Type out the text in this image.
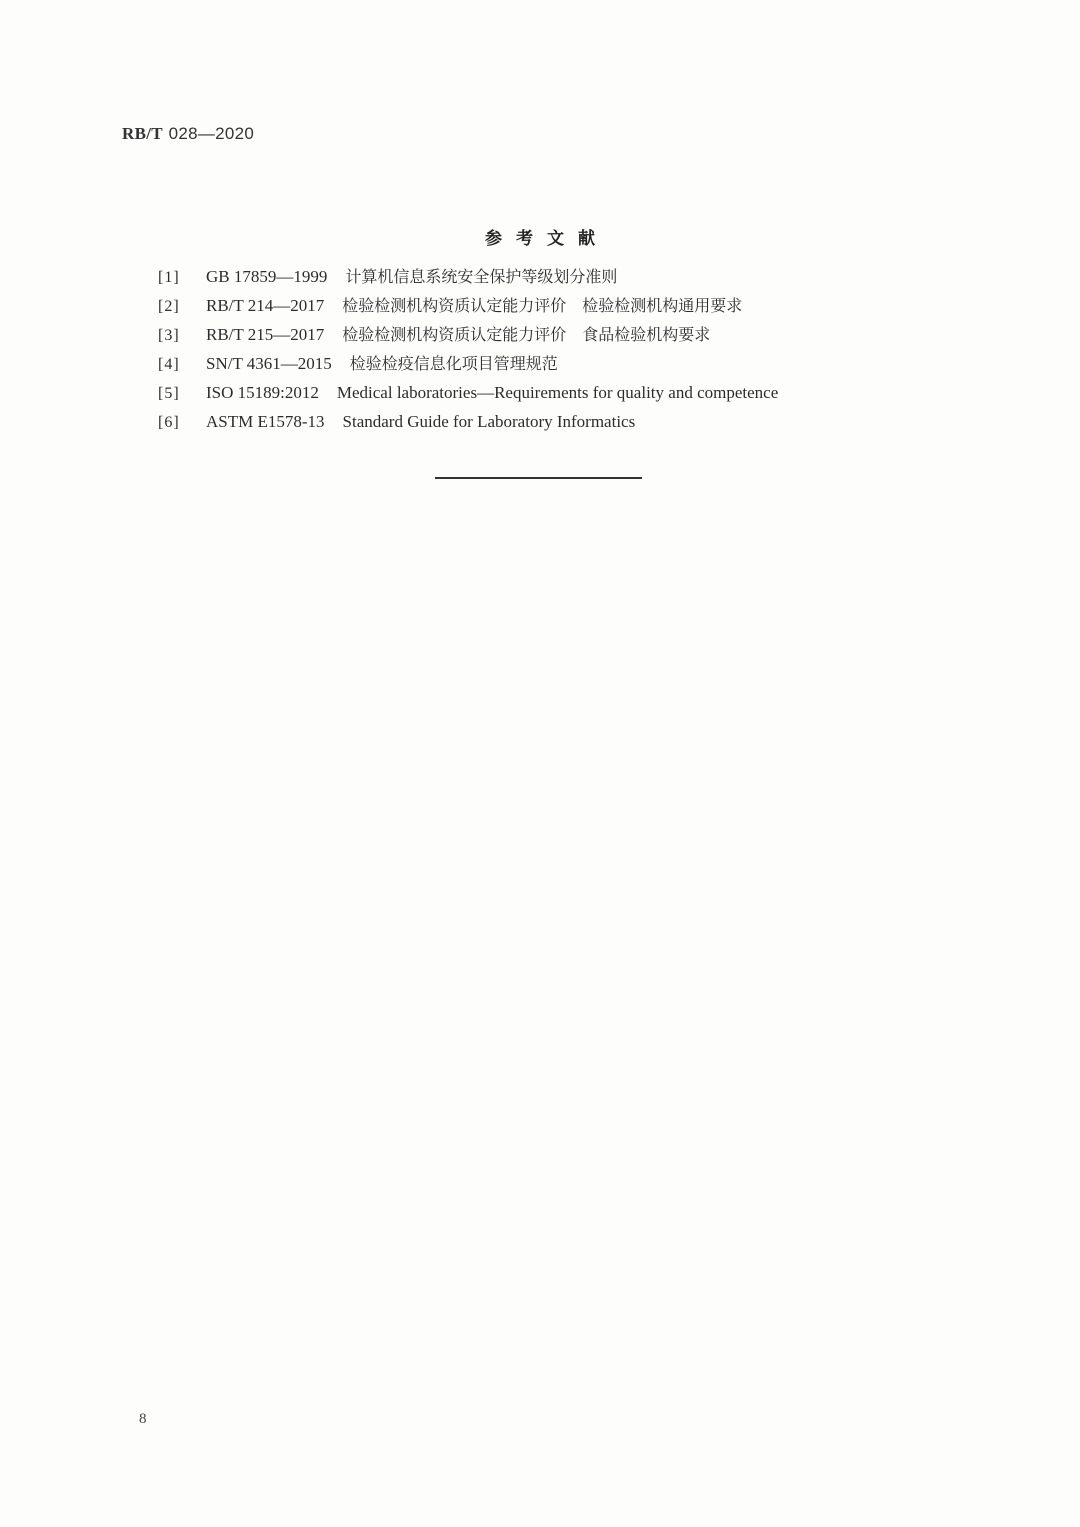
RB/T 028—2020
参考文献
[1] GB 17859—1999 计算机信息系统安全保护等级划分准则
[2] RB/T 214—2017 检验检测机构资质认定能力评价　检验检测机构通用要求
[3] RB/T 215—2017 检验检测机构资质认定能力评价　食品检验机构要求
[4] SN/T 4361—2015 检验检疫信息化项目管理规范
[5] ISO 15189:2012 Medical laboratories—Requirements for quality and competence
[6] ASTM E1578-13 Standard Guide for Laboratory Informatics
8
